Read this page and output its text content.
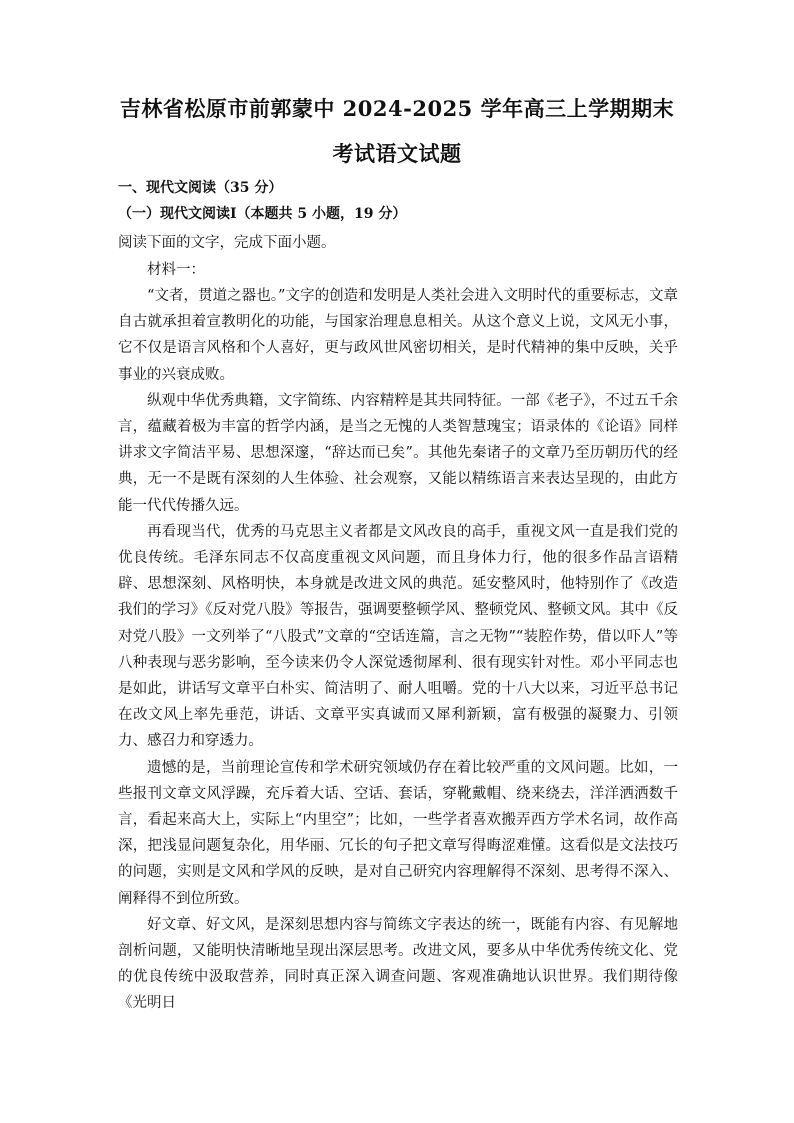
吉林省松原市前郭蒙中 2024-2025 学年高三上学期期末
考试语文试题
一、现代文阅读（35 分）
（一）现代文阅读Ⅰ（本题共 5 小题，19 分）
阅读下面的文字，完成下面小题。
材料一：

“文者，贯道之器也。”文字的创造和发明是人类社会进入文明时代的重要标志，文章自古就承担着宣教明化的功能，与国家治理息息相关。从这个意义上说，文风无小事，它不仅是语言风格和个人喜好，更与政风世风密切相关，是时代精神的集中反映，关乎事业的兴衰成败。

纵观中华优秀典籍，文字简练、内容精粹是其共同特征。一部《老子》，不过五千余言，蕴藏着极为丰富的哲学内涵，是当之无愧的人类智慧瑰宝；语录体的《论语》同样讲求文字简洁平易、思想深邃，“辞达而已矣”。其他先秦诸子的文章乃至历朝历代的经典，无一不是既有深刻的人生体验、社会观察，又能以精练语言来表达呈现的，由此方能一代代传播久远。

再看现当代，优秀的马克思主义者都是文风改良的高手，重视文风一直是我们党的优良传统。毛泽东同志不仅高度重视文风问题，而且身体力行，他的很多作品言语精辟、思想深刻、风格明快，本身就是改进文风的典范。延安整风时，他特别作了《改造我们的学习》《反对党八股》等报告，强调要整顿学风、整顿党风、整顿文风。其中《反对党八股》一文列举了“八股式”文章的“空话连篇，言之无物”“装腔作势，借以吓人”等八种表现与恶劣影响，至今读来仍令人深觉透彻犀利、很有现实针对性。邓小平同志也是如此，讲话写文章平白朴实、简洁明了、耐人咀嚼。党的十八大以来，习近平总书记在改文风上率先垂范，讲话、文章平实真诚而又犀利新颖，富有极强的凝聚力、引领力、感召力和穿透力。

遗憾的是，当前理论宣传和学术研究领域仍存在着比较严重的文风问题。比如，一些报刊文章文风浮躁，充斥着大话、空话、套话，穿靴戴帽、绕来绕去，洋洋洒洒数千言，看起来高大上，实际上“内里空”；比如，一些学者喜欢搬弄西方学术名词，故作高深，把浅显问题复杂化，用华丽、冗长的句子把文章写得晦涩难懂。这看似是文法技巧的问题，实则是文风和学风的反映，是对自己研究内容理解得不深刻、思考得不深入、阐释得不到位所致。

好文章、好文风，是深刻思想内容与简练文字表达的统一，既能有内容、有见解地剖析问题，又能明快清晰地呈现出深层思考。改进文风，要多从中华优秀传统文化、党的优良传统中汲取营养，同时真正深入调查问题、客观准确地认识世界。我们期待像《光明日
